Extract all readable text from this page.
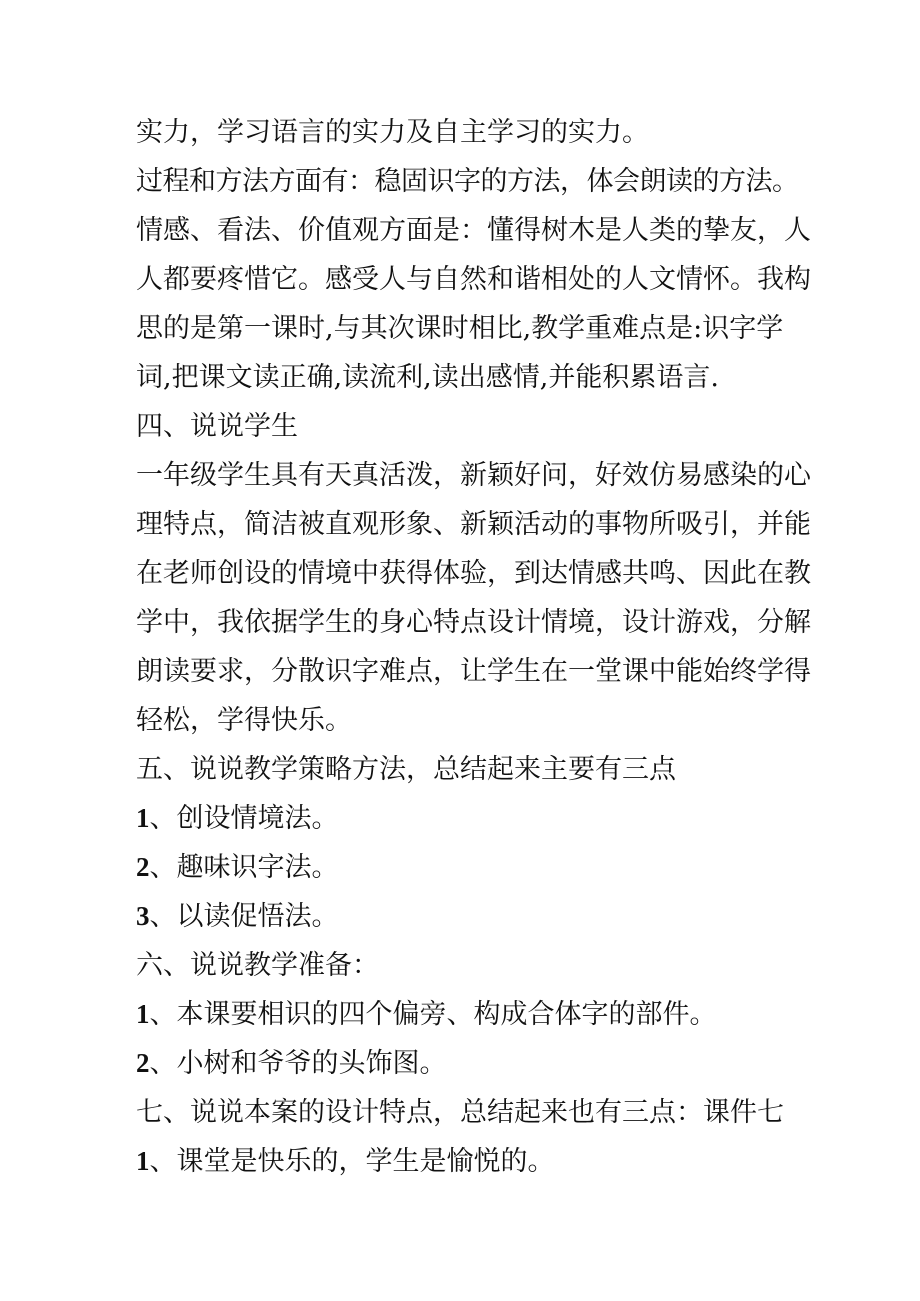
实力，学习语言的实力及自主学习的实力。
过程和方法方面有：稳固识字的方法，体会朗读的方法。
情感、看法、价值观方面是：懂得树木是人类的挚友，人
人都要疼惜它。感受人与自然和谐相处的人文情怀。我构
思的是第一课时,与其次课时相比,教学重难点是:识字学
词,把课文读正确,读流利,读出感情,并能积累语言.
四、说说学生
一年级学生具有天真活泼，新颖好问，好效仿易感染的心
理特点，简洁被直观形象、新颖活动的事物所吸引，并能
在老师创设的情境中获得体验，到达情感共鸣、因此在教
学中，我依据学生的身心特点设计情境，设计游戏，分解
朗读要求，分散识字难点，让学生在一堂课中能始终学得
轻松，学得快乐。
五、说说教学策略方法，总结起来主要有三点
1、创设情境法。
2、趣味识字法。
3、以读促悟法。
六、说说教学准备：
1、本课要相识的四个偏旁、构成合体字的部件。
2、小树和爷爷的头饰图。
七、说说本案的设计特点，总结起来也有三点：课件七
1、课堂是快乐的，学生是愉悦的。
